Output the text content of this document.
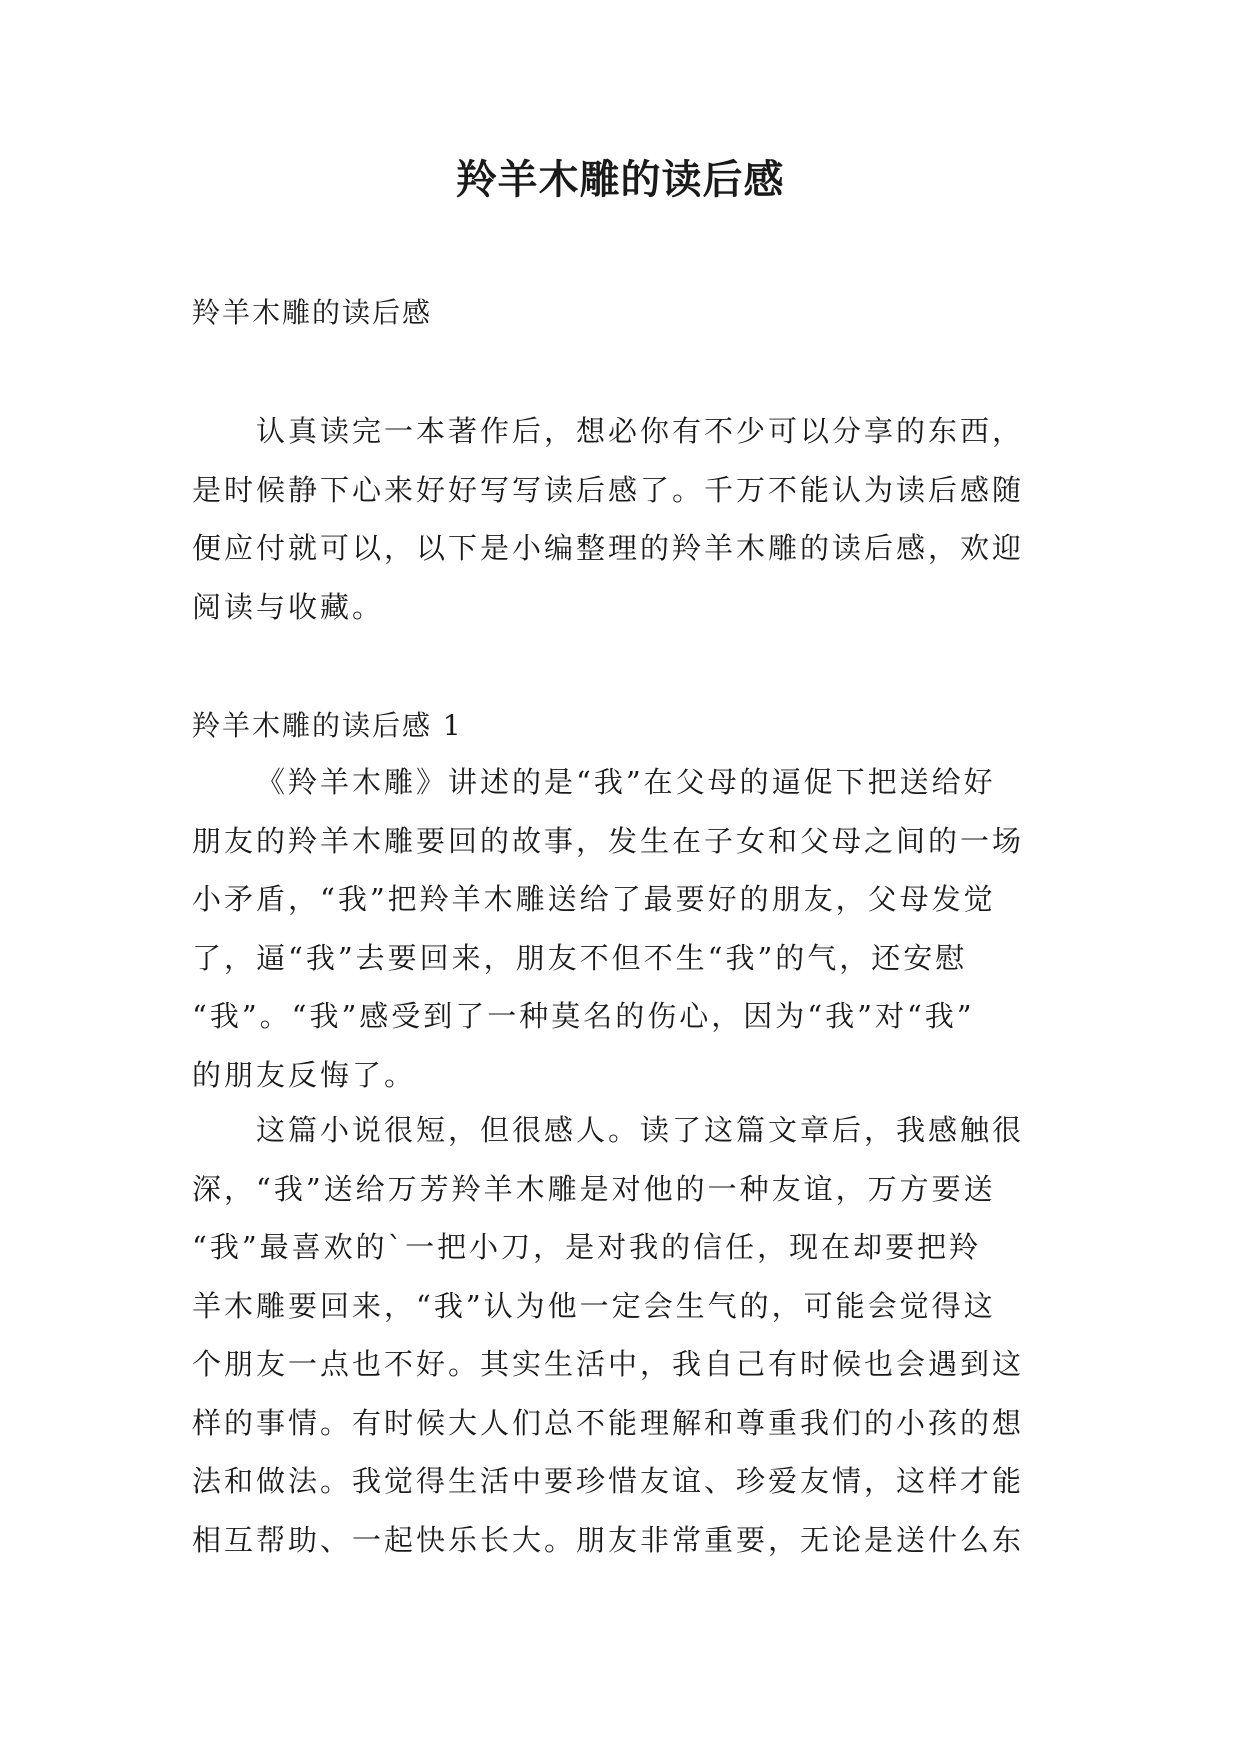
羚羊木雕的读后感
羚羊木雕的读后感
认真读完一本著作后，想必你有不少可以分享的东西，
是时候静下心来好好写写读后感了。千万不能认为读后感随
便应付就可以，以下是小编整理的羚羊木雕的读后感，欢迎
阅读与收藏。
羚羊木雕的读后感 1
《羚羊木雕》讲述的是“我”在父母的逼促下把送给好
朋友的羚羊木雕要回的故事，发生在子女和父母之间的一场
小矛盾，“我”把羚羊木雕送给了最要好的朋友，父母发觉
了，逼“我”去要回来，朋友不但不生“我”的气，还安慰
“我”。“我”感受到了一种莫名的伤心，因为“我”对“我”
的朋友反悔了。
这篇小说很短，但很感人。读了这篇文章后，我感触很
深，“我”送给万芳羚羊木雕是对他的一种友谊，万方要送
“我”最喜欢的`一把小刀，是对我的信任，现在却要把羚
羊木雕要回来，“我”认为他一定会生气的，可能会觉得这
个朋友一点也不好。其实生活中，我自己有时候也会遇到这
样的事情。有时候大人们总不能理解和尊重我们的小孩的想
法和做法。我觉得生活中要珍惜友谊、珍爱友情，这样才能
相互帮助、一起快乐长大。朋友非常重要，无论是送什么东
